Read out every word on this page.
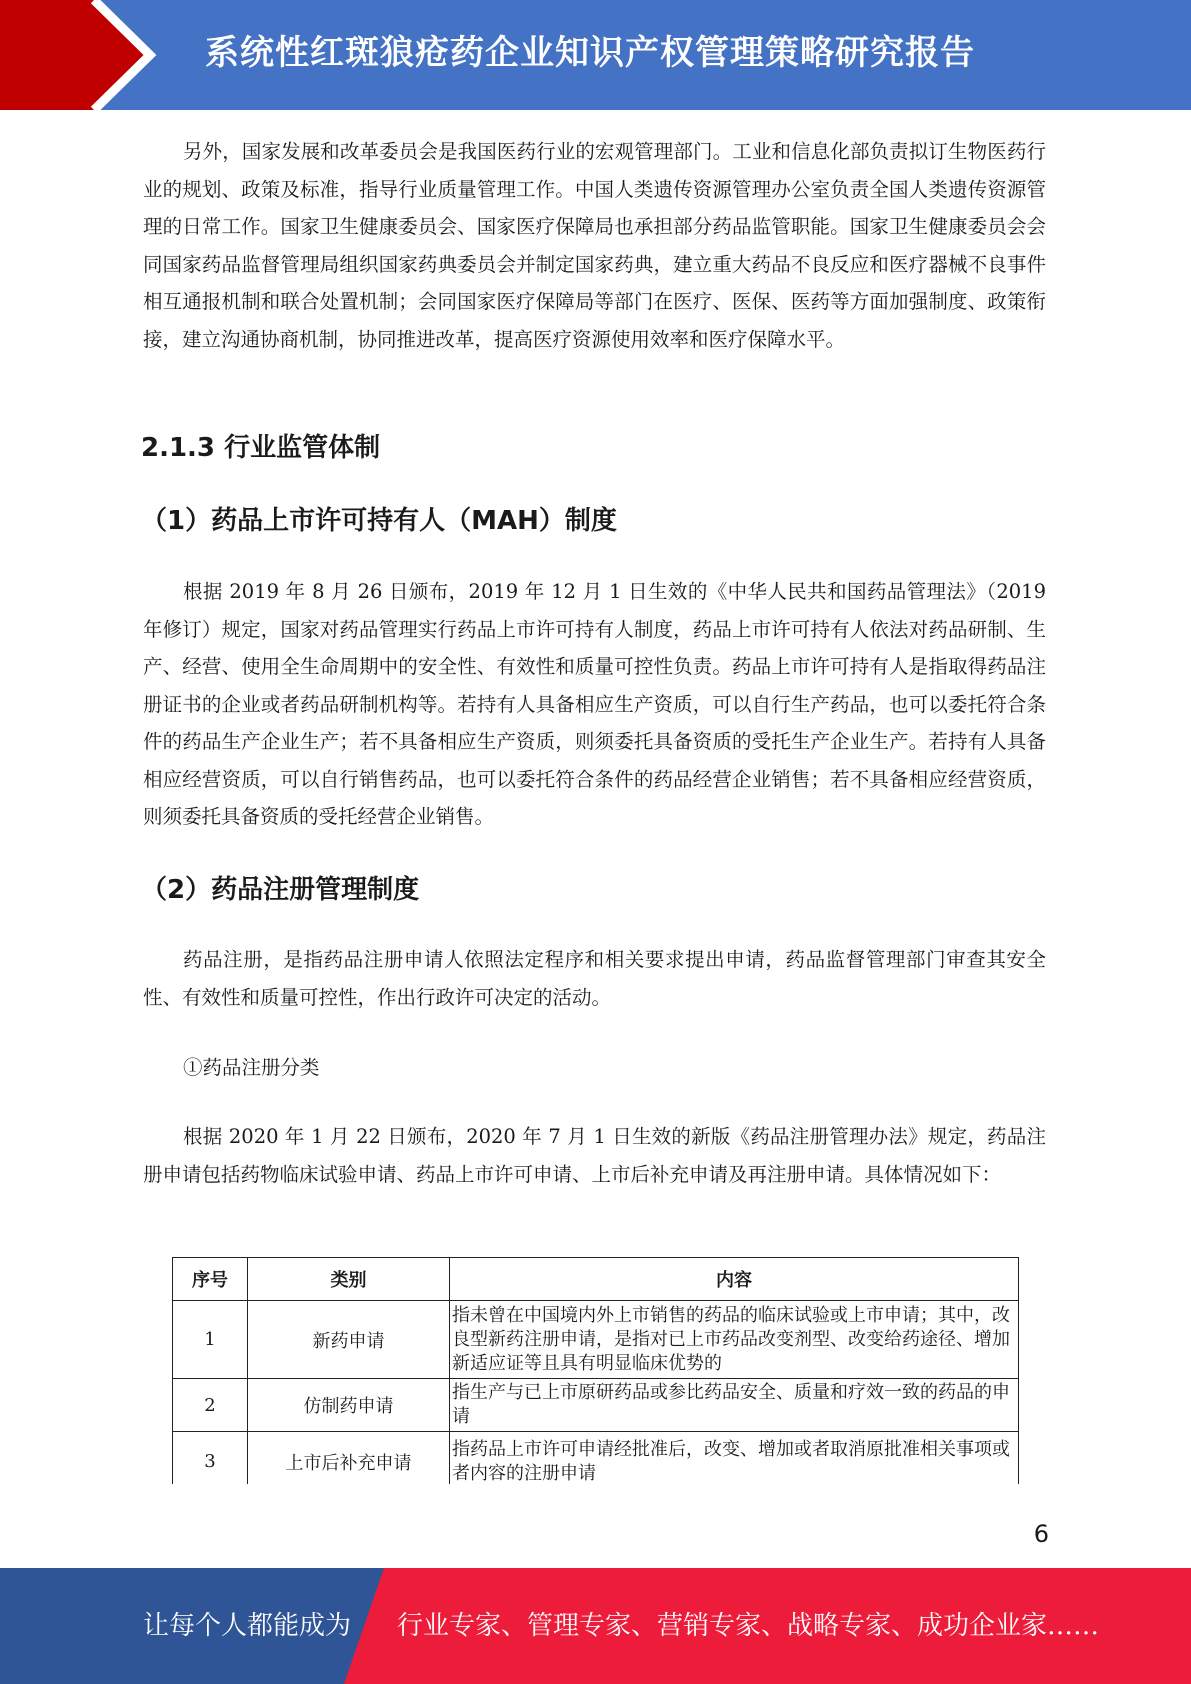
系统性红斑狼疮药企业知识产权管理策略研究报告

另外，国家发展和改革委员会是我国医药行业的宏观管理部门。工业和信息化部负责拟订生物医药行业的规划、政策及标准，指导行业质量管理工作。中国人类遗传资源管理办公室负责全国人类遗传资源管理的日常工作。国家卫生健康委员会、国家医疗保障局也承担部分药品监管职能。国家卫生健康委员会会同国家药品监督管理局组织国家药典委员会并制定国家药典，建立重大药品不良反应和医疗器械不良事件相互通报机制和联合处置机制；会同国家医疗保障局等部门在医疗、医保、医药等方面加强制度、政策衔接，建立沟通协商机制，协同推进改革，提高医疗资源使用效率和医疗保障水平。

2.1.3 行业监管体制
（1）药品上市许可持有人（MAH）制度

根据 2019 年 8 月 26 日颁布，2019 年 12 月 1 日生效的《中华人民共和国药品管理法》（2019 年修订）规定，国家对药品管理实行药品上市许可持有人制度，药品上市许可持有人依法对药品研制、生产、经营、使用全生命周期中的安全性、有效性和质量可控性负责。药品上市许可持有人是指取得药品注册证书的企业或者药品研制机构等。若持有人具备相应生产资质，可以自行生产药品，也可以委托符合条件的药品生产企业生产；若不具备相应生产资质，则须委托具备资质的受托生产企业生产。若持有人具备相应经营资质，可以自行销售药品，也可以委托符合条件的药品经营企业销售；若不具备相应经营资质，则须委托具备资质的受托经营企业销售。

（2）药品注册管理制度

药品注册，是指药品注册申请人依照法定程序和相关要求提出申请，药品监督管理部门审查其安全性、有效性和质量可控性，作出行政许可决定的活动。

①药品注册分类

根据 2020 年 1 月 22 日颁布，2020 年 7 月 1 日生效的新版《药品注册管理办法》规定，药品注册申请包括药物临床试验申请、药品上市许可申请、上市后补充申请及再注册申请。具体情况如下：

序号	类别	内容
1	新药申请	指未曾在中国境内外上市销售的药品的临床试验或上市申请；其中，改良型新药注册申请，是指对已上市药品改变剂型、改变给药途径、增加新适应证等且具有明显临床优势的
2	仿制药申请	指生产与已上市原研药品或参比药品安全、质量和疗效一致的药品的申请
3	上市后补充申请	指药品上市许可申请经批准后，改变、增加或者取消原批准相关事项或者内容的注册申请
6
让每个人都能成为 行业专家、管理专家、营销专家、战略专家、成功企业家……
